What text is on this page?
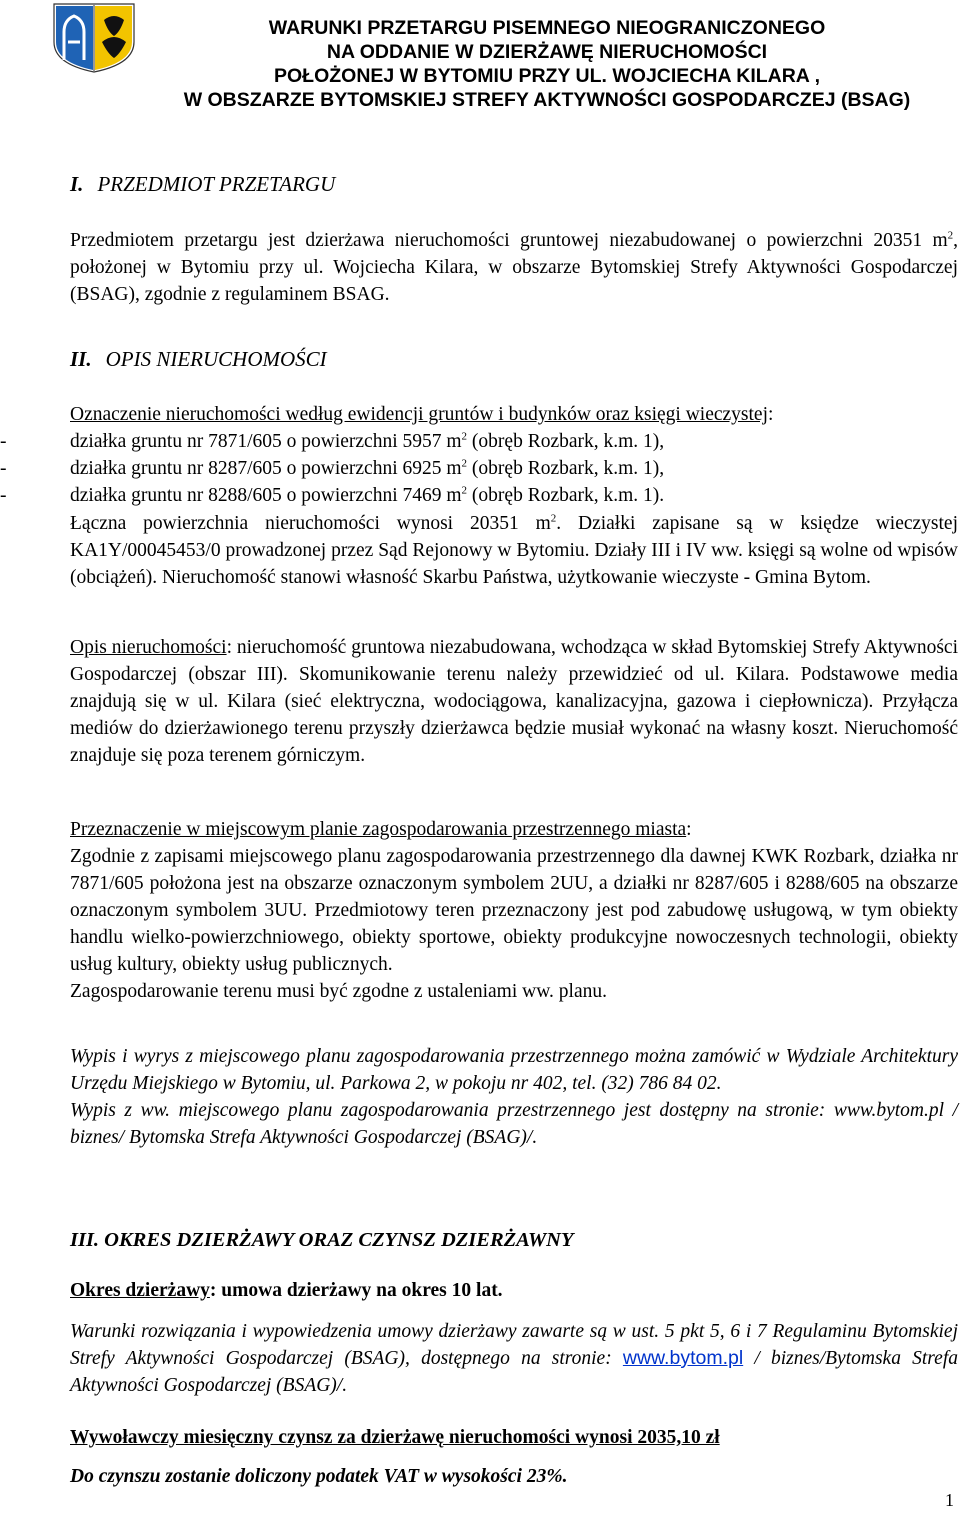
WARUNKI PRZETARGU PISEMNEGO NIEOGRANICZONEGO
NA ODDANIE W DZIERŻAWĘ NIERUCHOMOŚCI
POŁOŻONEJ W BYTOMIU PRZY UL. WOJCIECHA KILARA ,
W OBSZARZE BYTOMSKIEJ STREFY AKTYWNOŚCI GOSPODARCZEJ (BSAG)
I. PRZEDMIOT PRZETARGU
Przedmiotem przetargu jest dzierżawa nieruchomości gruntowej niezabudowanej o powierzchni 20351 $m^2$, położonej w Bytomiu przy ul. Wojciecha Kilara, w obszarze Bytomskiej Strefy Aktywności Gospodarczej (BSAG), zgodnie z regulaminem BSAG.
II. OPIS NIERUCHOMOŚCI
Oznaczenie nieruchomości według ewidencji gruntów i budynków oraz księgi wieczystej:
-	działka gruntu nr 7871/605 o powierzchni 5957 $m^2$ (obręb Rozbark, k.m. 1),
-	działka gruntu nr 8287/605 o powierzchni 6925 $m^2$ (obręb Rozbark, k.m. 1),
-	działka gruntu nr 8288/605 o powierzchni 7469 $m^2$ (obręb Rozbark, k.m. 1).
Łączna powierzchnia nieruchomości wynosi 20351 $m^2$. Działki zapisane są w księdze wieczystej KA1Y/00045453/0 prowadzonej przez Sąd Rejonowy w Bytomiu. Działy III i IV ww. księgi są wolne od wpisów (obciążeń). Nieruchomość stanowi własność Skarbu Państwa, użytkowanie wieczyste - Gmina Bytom.
Opis nieruchomości: nieruchomość gruntowa niezabudowana, wchodząca w skład Bytomskiej Strefy Aktywności Gospodarczej (obszar III). Skomunikowanie terenu należy przewidzieć od ul. Kilara. Podstawowe media znajdują się w ul. Kilara (sieć elektryczna, wodociągowa, kanalizacyjna, gazowa i ciepłownicza). Przyłącza mediów do dzierżawionego terenu przyszły dzierżawca będzie musiał wykonać na własny koszt. Nieruchomość znajduje się poza terenem górniczym.
Przeznaczenie w miejscowym planie zagospodarowania przestrzennego miasta:
Zgodnie z zapisami miejscowego planu zagospodarowania przestrzennego dla dawnej KWK Rozbark, działka nr 7871/605 położona jest na obszarze oznaczonym symbolem 2UU, a działki nr 8287/605 i 8288/605 na obszarze oznaczonym symbolem 3UU. Przedmiotowy teren przeznaczony jest pod zabudowę usługową, w tym obiekty handlu wielko-powierzchniowego, obiekty sportowe, obiekty produkcyjne nowoczesnych technologii, obiekty usług kultury, obiekty usług publicznych.
Zagospodarowanie terenu musi być zgodne z ustaleniami ww. planu.
Wypis i wyrys z miejscowego planu zagospodarowania przestrzennego można zamówić w Wydziale Architektury Urzędu Miejskiego w Bytomiu, ul. Parkowa 2, w pokoju nr 402, tel. (32) 786 84 02.
Wypis z ww. miejscowego planu zagospodarowania przestrzennego jest dostępny na stronie: www.bytom.pl / biznes/ Bytomska Strefa Aktywności Gospodarczej (BSAG)/.
III. OKRES DZIERŻAWY ORAZ CZYNSZ DZIERŻAWNY
Okres dzierżawy: umowa dzierżawy na okres 10 lat.
Warunki rozwiązania i wypowiedzenia umowy dzierżawy zawarte są w ust. 5 pkt 5, 6 i 7 Regulaminu Bytomskiej Strefy Aktywności Gospodarczej (BSAG), dostępnego na stronie: www.bytom.pl / biznes/Bytomska Strefa Aktywności Gospodarczej (BSAG)/.
Wywoławczy miesięczny czynsz za dzierżawę nieruchomości wynosi 2035,10 zł
Do czynszu zostanie doliczony podatek VAT w wysokości 23%.
1
